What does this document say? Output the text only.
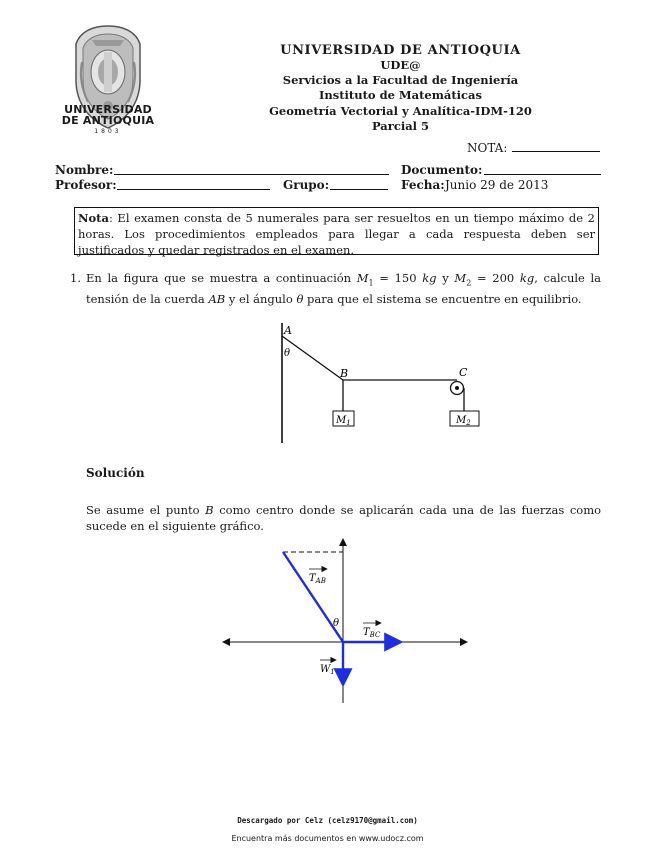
UNIVERSIDAD
DE ANTIOQUIA
1803
UNIVERSIDAD DE ANTIOQUIA
UDE@
Servicios a la Facultad de Ingeniería
Instituto de Matemáticas
Geometría Vectorial y Analítica-IDM-120
Parcial 5
NOTA:
Nombre:	Documento:
Profesor:	Grupo:	Fecha: Junio 29 de 2013
Nota: El examen consta de 5 numerales para ser resueltos en un tiempo máximo de 2 horas. Los procedimientos empleados para llegar a cada respuesta deben ser justificados y quedar registrados en el examen.
1. En la figura que se muestra a continuación $M_1 = 150$ kg y $M_2 = 200$ kg, calcule la tensión de la cuerda AB y el ángulo θ para que el sistema se encuentre en equilibrio.
A
θ
B	C
$M_1$	$M_2$
Solución
Se asume el punto B como centro donde se aplicarán cada una de las fuerzas como sucede en el siguiente gráfico.
$T_{AB}$
$T_{BC}$
$W_1$
θ
Descargado por Celz (celz9170@gmail.com)
Encuentra más documentos en www.udocz.com
